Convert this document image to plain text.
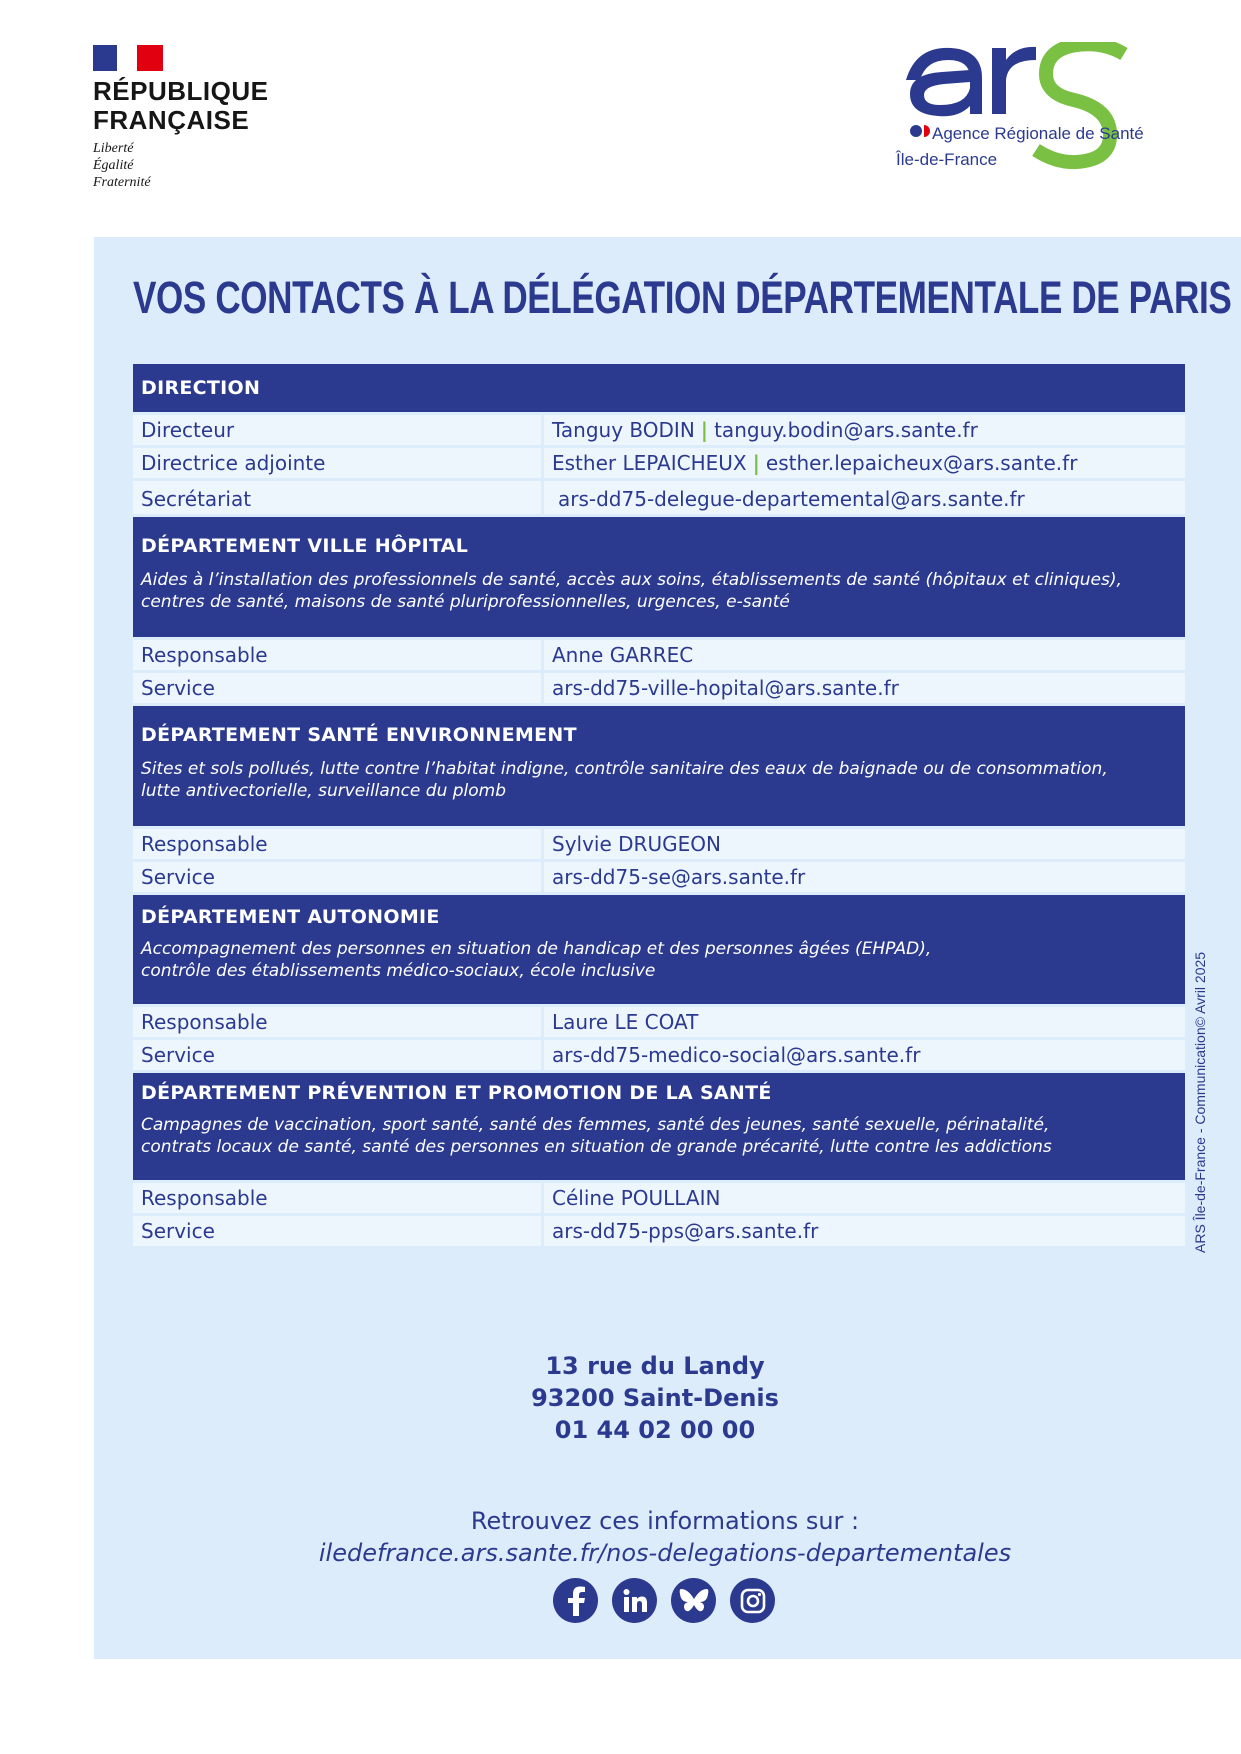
RÉPUBLIQUE
FRANÇAISE
Liberté
Égalité
Fraternité
Agence Régionale de Santé
Île-de-France
VOS CONTACTS À LA DÉLÉGATION DÉPARTEMENTALE DE PARIS
DIRECTION
Directeur	Tanguy BODIN | tanguy.bodin@ars.sante.fr
Directrice adjointe	Esther LEPAICHEUX | esther.lepaicheux@ars.sante.fr
Secrétariat	ars-dd75-delegue-departemental@ars.sante.fr
DÉPARTEMENT VILLE HÔPITAL
Aides à l’installation des professionnels de santé, accès aux soins, établissements de santé (hôpitaux et cliniques),
centres de santé, maisons de santé pluriprofessionnelles, urgences, e-santé
Responsable	Anne GARREC
Service	ars-dd75-ville-hopital@ars.sante.fr
DÉPARTEMENT SANTÉ ENVIRONNEMENT
Sites et sols pollués, lutte contre l’habitat indigne, contrôle sanitaire des eaux de baignade ou de consommation,
lutte antivectorielle, surveillance du plomb
Responsable	Sylvie DRUGEON
Service	ars-dd75-se@ars.sante.fr
DÉPARTEMENT AUTONOMIE
Accompagnement des personnes en situation de handicap et des personnes âgées (EHPAD),
contrôle des établissements médico-sociaux, école inclusive
Responsable	Laure LE COAT
Service	ars-dd75-medico-social@ars.sante.fr
DÉPARTEMENT PRÉVENTION ET PROMOTION DE LA SANTÉ
Campagnes de vaccination, sport santé, santé des femmes, santé des jeunes, santé sexuelle, périnatalité,
contrats locaux de santé, santé des personnes en situation de grande précarité, lutte contre les addictions
Responsable	Céline POULLAIN
Service	ars-dd75-pps@ars.sante.fr	ARS Île-de-France - Communication© Avril 2025
13 rue du Landy
93200 Saint-Denis
01 44 02 00 00
Retrouvez ces informations sur :
iledefrance.ars.sante.fr/nos-delegations-departementales
